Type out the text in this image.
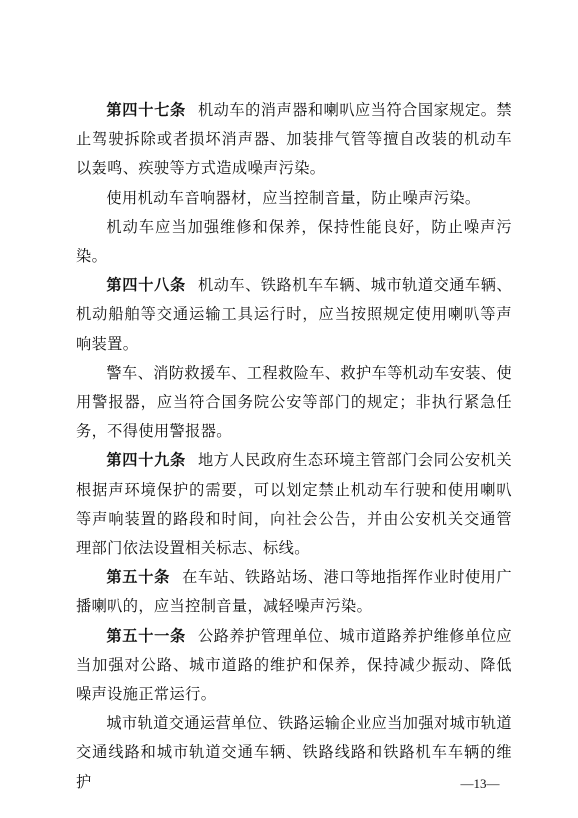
第四十七条 机动车的消声器和喇叭应当符合国家规定。禁止驾驶拆除或者损坏消声器、加装排气管等擅自改装的机动车以轰鸣、疾驶等方式造成噪声污染。

使用机动车音响器材，应当控制音量，防止噪声污染。

机动车应当加强维修和保养，保持性能良好，防止噪声污染。

第四十八条 机动车、铁路机车车辆、城市轨道交通车辆、机动船舶等交通运输工具运行时，应当按照规定使用喇叭等声响装置。

警车、消防救援车、工程救险车、救护车等机动车安装、使用警报器，应当符合国务院公安等部门的规定；非执行紧急任务，不得使用警报器。

第四十九条 地方人民政府生态环境主管部门会同公安机关根据声环境保护的需要，可以划定禁止机动车行驶和使用喇叭等声响装置的路段和时间，向社会公告，并由公安机关交通管理部门依法设置相关标志、标线。

第五十条 在车站、铁路站场、港口等地指挥作业时使用广播喇叭的，应当控制音量，减轻噪声污染。

第五十一条 公路养护管理单位、城市道路养护维修单位应当加强对公路、城市道路的维护和保养，保持减少振动、降低噪声设施正常运行。

城市轨道交通运营单位、铁路运输企业应当加强对城市轨道交通线路和城市轨道交通车辆、铁路线路和铁路机车车辆的维护	—13—
